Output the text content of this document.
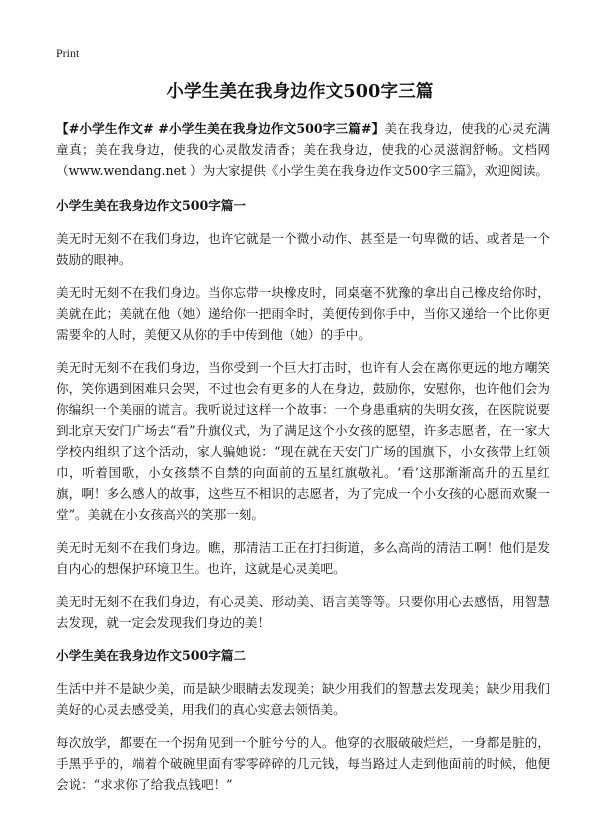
Print
小学生美在我身边作文500字三篇

【#小学生作文# #小学生美在我身边作文500字三篇#】美在我身边，使我的心灵充满童真；美在我身边，使我的心灵散发清香；美在我身边，使我的心灵滋润舒畅。文档网（www.wendang.net ）为大家提供《小学生美在我身边作文500字三篇》，欢迎阅读。

小学生美在我身边作文500字篇一

美无时无刻不在我们身边，也许它就是一个微小动作、甚至是一句卑微的话、或者是一个鼓励的眼神。

美无时无刻不在我们身边。当你忘带一块橡皮时，同桌毫不犹豫的拿出自己橡皮给你时，美就在此；美就在他（她）递给你一把雨伞时，美便传到你手中，当你又递给一个比你更需要伞的人时，美便又从你的手中传到他（她）的手中。

美无时无刻不在我们身边，当你受到一个巨大打击时，也许有人会在离你更远的地方嘲笑你，笑你遇到困难只会哭，不过也会有更多的人在身边，鼓励你，安慰你，也许他们会为你编织一个美丽的谎言。我听说过这样一个故事：一个身患重病的失明女孩，在医院说要到北京天安门广场去“看”升旗仪式，为了满足这个小女孩的愿望，许多志愿者，在一家大学校内组织了这个活动，家人骗她说：“现在就在天安门广场的国旗下，小女孩带上红领巾，听着国歌，小女孩禁不自禁的向面前的五星红旗敬礼。‘看’这那渐渐高升的五星红旗，啊！多么感人的故事，这些互不相识的志愿者，为了完成一个小女孩的心愿而欢聚一堂”。美就在小女孩高兴的笑那一刻。

美无时无刻不在我们身边。瞧，那清洁工正在打扫街道，多么高尚的清洁工啊！他们是发自内心的想保护环境卫生。也许，这就是心灵美吧。

美无时无刻不在我们身边，有心灵美、形动美、语言美等等。只要你用心去感悟，用智慧去发现，就一定会发现我们身边的美！

小学生美在我身边作文500字篇二

生活中并不是缺少美，而是缺少眼睛去发现美；缺少用我们的智慧去发现美；缺少用我们美好的心灵去感受美，用我们的真心实意去领悟美。

每次放学，都要在一个拐角见到一个脏兮兮的人。他穿的衣服破破烂烂，一身都是脏的，手黑乎乎的，端着个破碗里面有零零碎碎的几元钱，每当路过人走到他面前的时候，他便会说：“求求你了给我点钱吧！”
